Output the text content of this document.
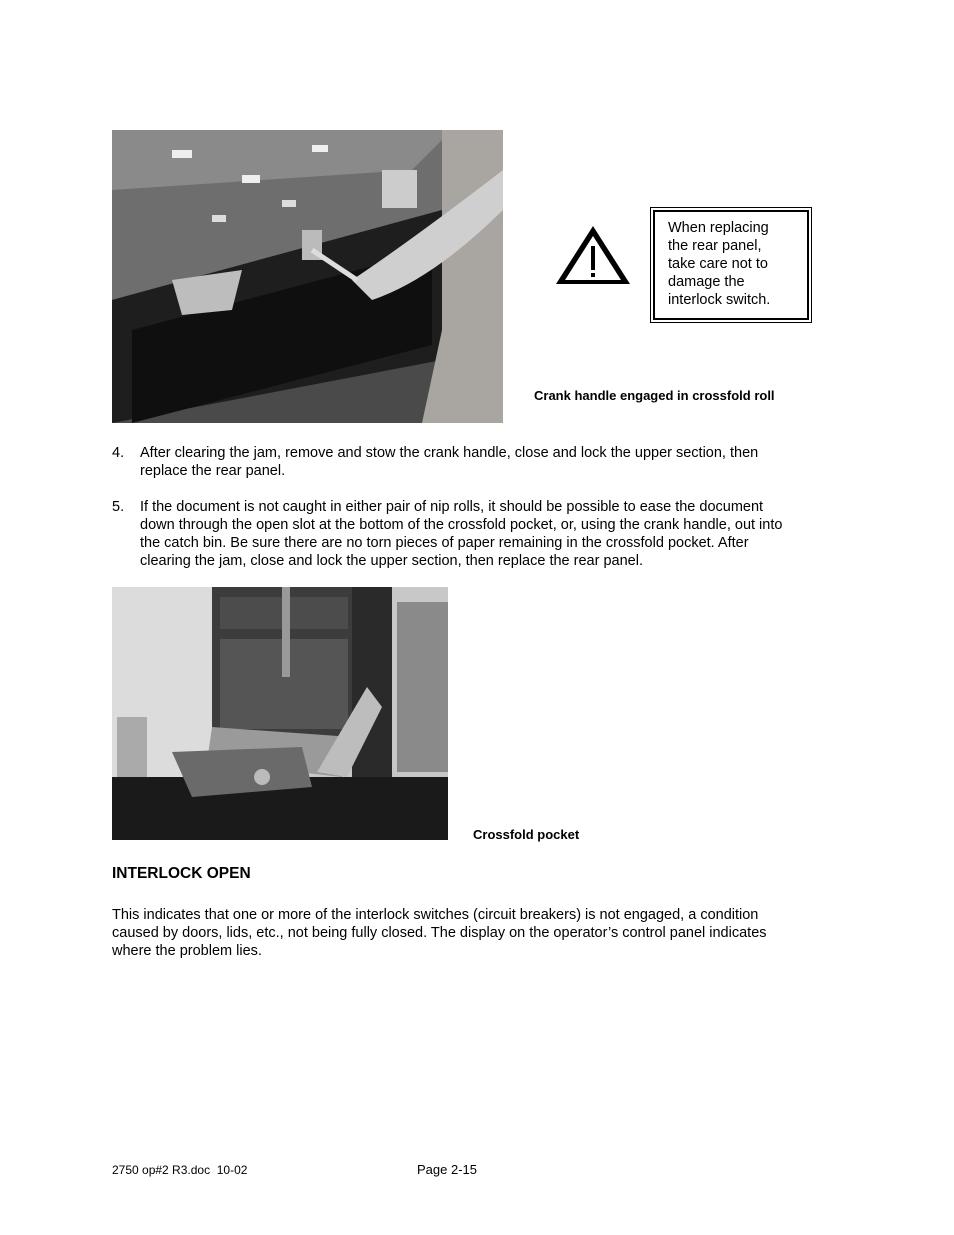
When replacing
the rear panel,
take care not to
damage the
interlock switch.
Crank handle engaged in crossfold roll
4. After clearing the jam, remove and stow the crank handle, close and lock the upper section, then
replace the rear panel.
5. If the document is not caught in either pair of nip rolls, it should be possible to ease the document
down through the open slot at the bottom of the crossfold pocket, or, using the crank handle, out into
the catch bin. Be sure there are no torn pieces of paper remaining in the crossfold pocket. After
clearing the jam, close and lock the upper section, then replace the rear panel.
Crossfold pocket
INTERLOCK OPEN
This indicates that one or more of the interlock switches (circuit breakers) is not engaged, a condition
caused by doors, lids, etc., not being fully closed. The display on the operator’s control panel indicates
where the problem lies.
2750 op#2 R3.doc  10-02	Page 2-15
